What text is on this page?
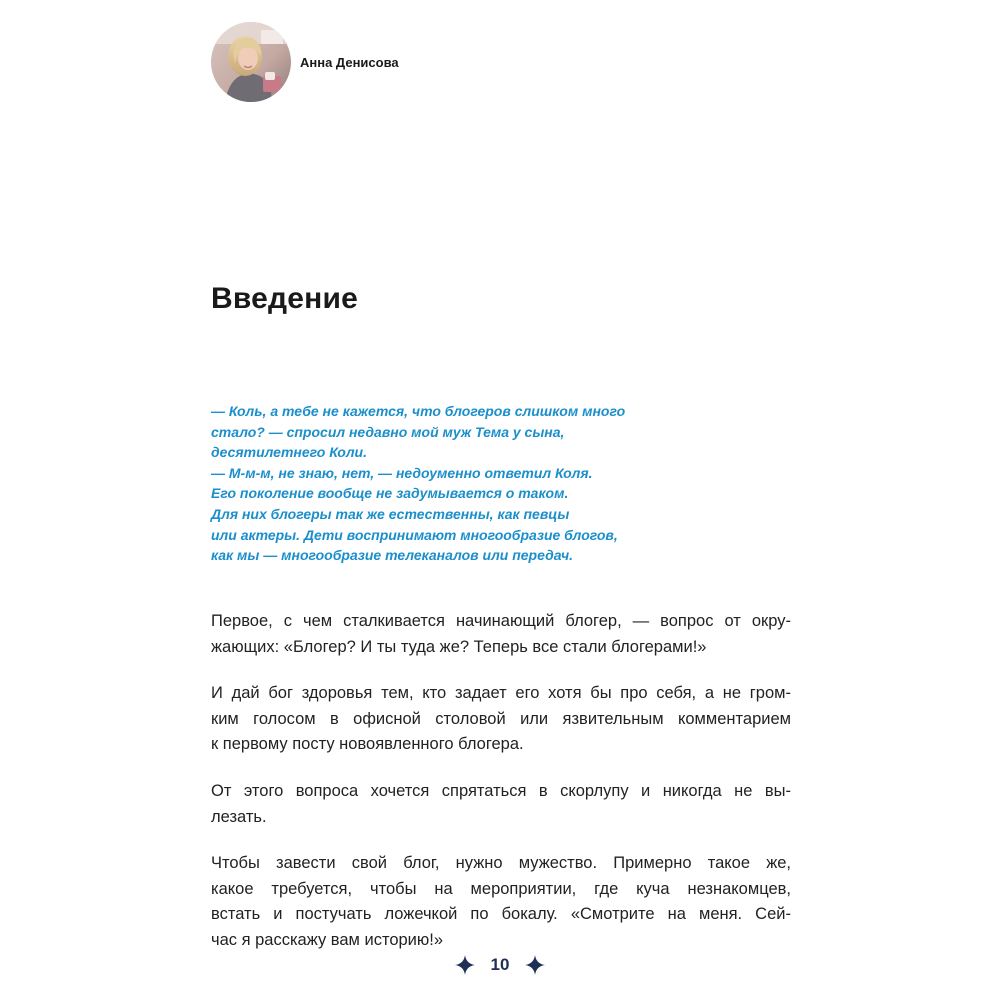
Анна Денисова
Введение
— Коль, а тебе не кажется, что блогеров слишком много
стало? — спросил недавно мой муж Тема у сына,
десятилетнего Коли.
— М-м-м, не знаю, нет, — недоуменно ответил Коля.
Его поколение вообще не задумывается о таком.
Для них блогеры так же естественны, как певцы
или актеры. Дети воспринимают многообразие блогов,
как мы — многообразие телеканалов или передач.

Первое, с чем сталкивается начинающий блогер, — вопрос от окру-
жающих: «Блогер? И ты туда же? Теперь все стали блогерами!»

И дай бог здоровья тем, кто задает его хотя бы про себя, а не гром-
ким голосом в офисной столовой или язвительным комментарием
к первому посту новоявленного блогера.

От этого вопроса хочется спрятаться в скорлупу и никогда не вы-
лезать.

Чтобы завести свой блог, нужно мужество. Примерно такое же,
какое требуется, чтобы на мероприятии, где куча незнакомцев,
встать и постучать ложечкой по бокалу. «Смотрите на меня. Сей-
час я расскажу вам историю!»

10
